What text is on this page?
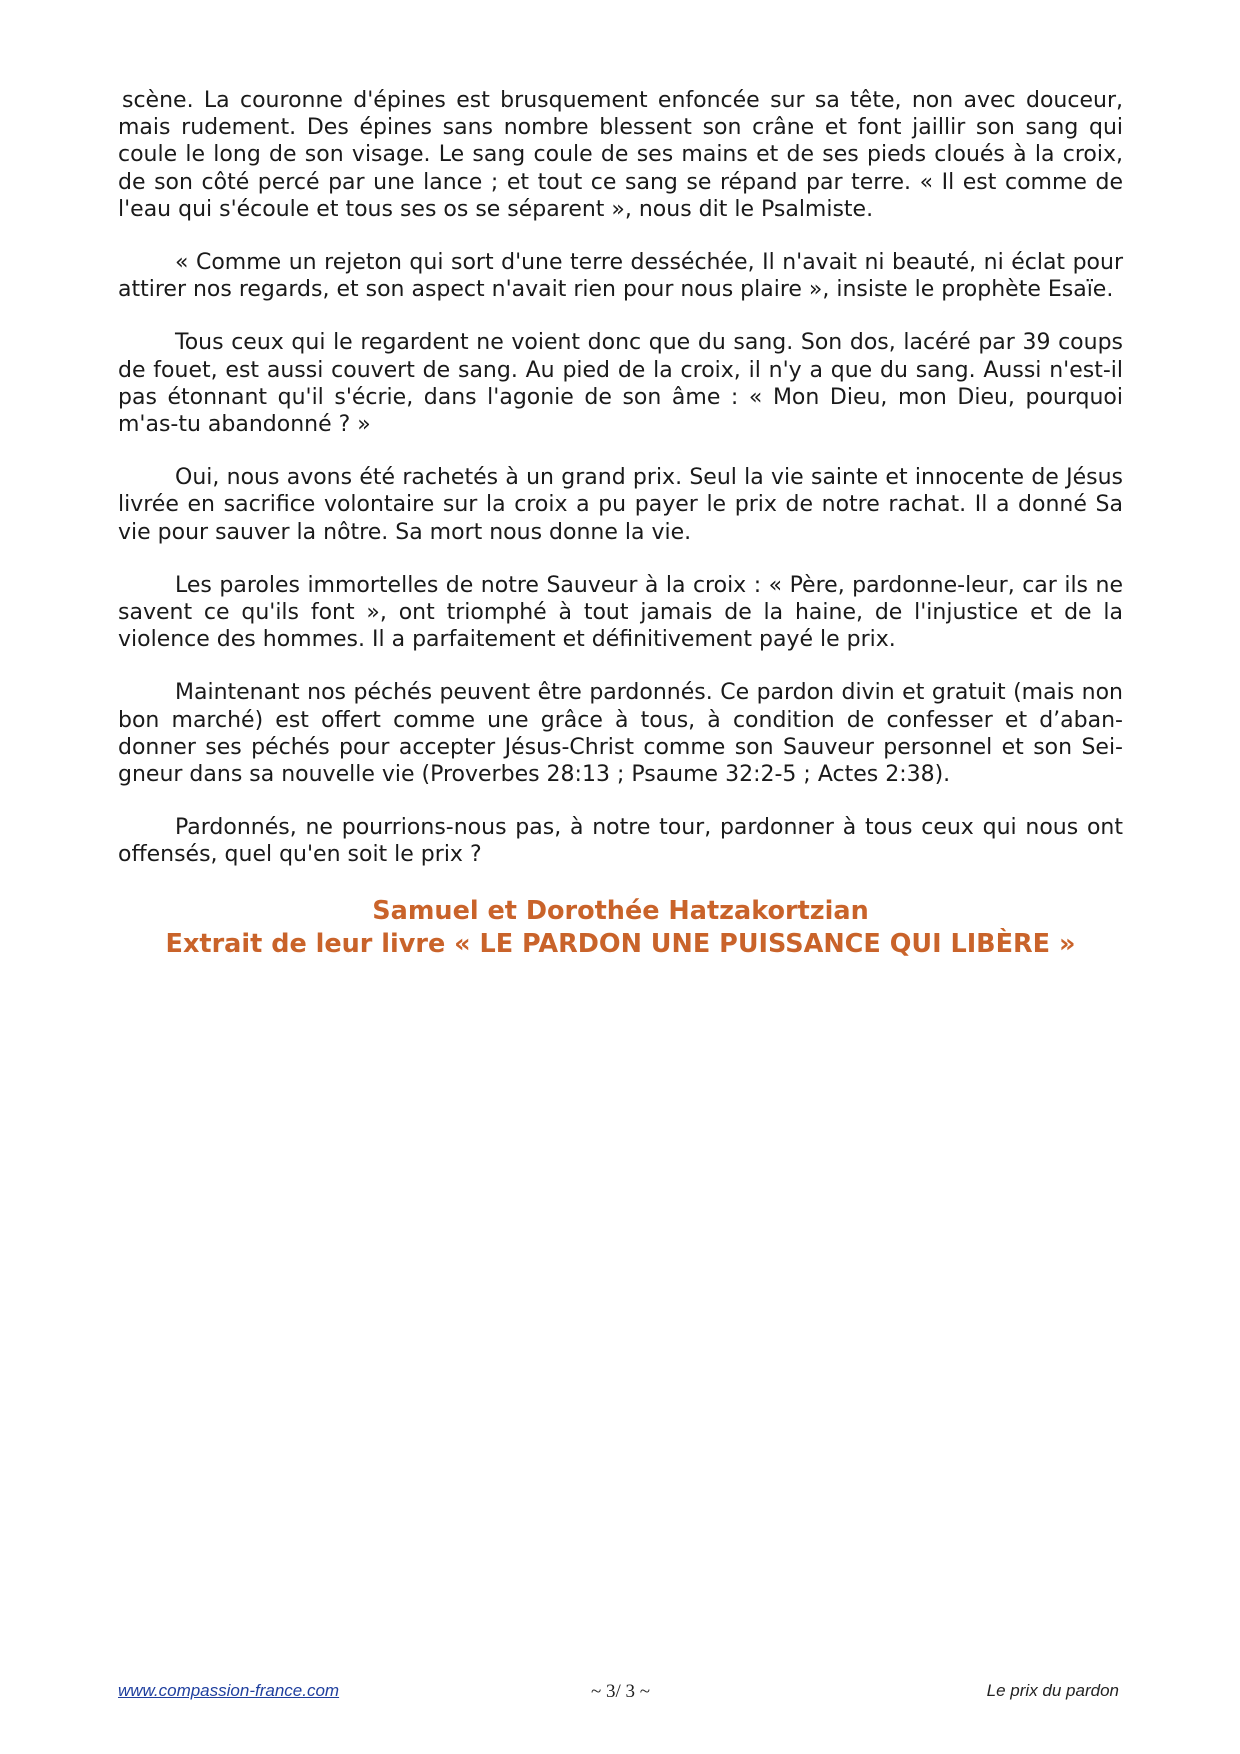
scène. La couronne d'épines est brusquement enfoncée sur sa tête, non avec douceur, mais rudement. Des épines sans nombre blessent son crâne et font jaillir son sang qui coule le long de son visage. Le sang coule de ses mains et de ses pieds cloués à la croix, de son côté percé par une lance ; et tout ce sang se répand par terre. « Il est comme de l'eau qui s'écoule et tous ses os se séparent », nous dit le Psalmiste.

« Comme un rejeton qui sort d'une terre desséchée, Il n'avait ni beauté, ni éclat pour attirer nos regards, et son aspect n'avait rien pour nous plaire », insiste le prophète Esaïe.

Tous ceux qui le regardent ne voient donc que du sang. Son dos, lacéré par 39 coups de fouet, est aussi couvert de sang. Au pied de la croix, il n'y a que du sang. Aussi n'est-il pas étonnant qu'il s'écrie, dans l'agonie de son âme : « Mon Dieu, mon Dieu, pourquoi m'as-tu abandonné ? »

Oui, nous avons été rachetés à un grand prix. Seul la vie sainte et innocente de Jésus livrée en sacrifice volontaire sur la croix a pu payer le prix de notre rachat. Il a donné Sa vie pour sauver la nôtre. Sa mort nous donne la vie.

Les paroles immortelles de notre Sauveur à la croix : « Père, pardonne-leur, car ils ne savent ce qu'ils font », ont triomphé à tout jamais de la haine, de l'injustice et de la violence des hommes. Il a parfaitement et définitivement payé le prix.

Maintenant nos péchés peuvent être pardonnés. Ce pardon divin et gratuit (mais non bon marché) est offert comme une grâce à tous, à condition de confesser et d’aban-donner ses péchés pour accepter Jésus-Christ comme son Sauveur personnel et son Sei-gneur dans sa nouvelle vie (Proverbes 28:13 ; Psaume 32:2-5 ; Actes 2:38).

Pardonnés, ne pourrions-nous pas, à notre tour, pardonner à tous ceux qui nous ont offensés, quel qu'en soit le prix ?

Samuel et Dorothée Hatzakortzian
Extrait de leur livre « LE PARDON UNE PUISSANCE QUI LIBÈRE »
~ 3/ 3 ~
www.compassion-france.com	Le prix du pardon
